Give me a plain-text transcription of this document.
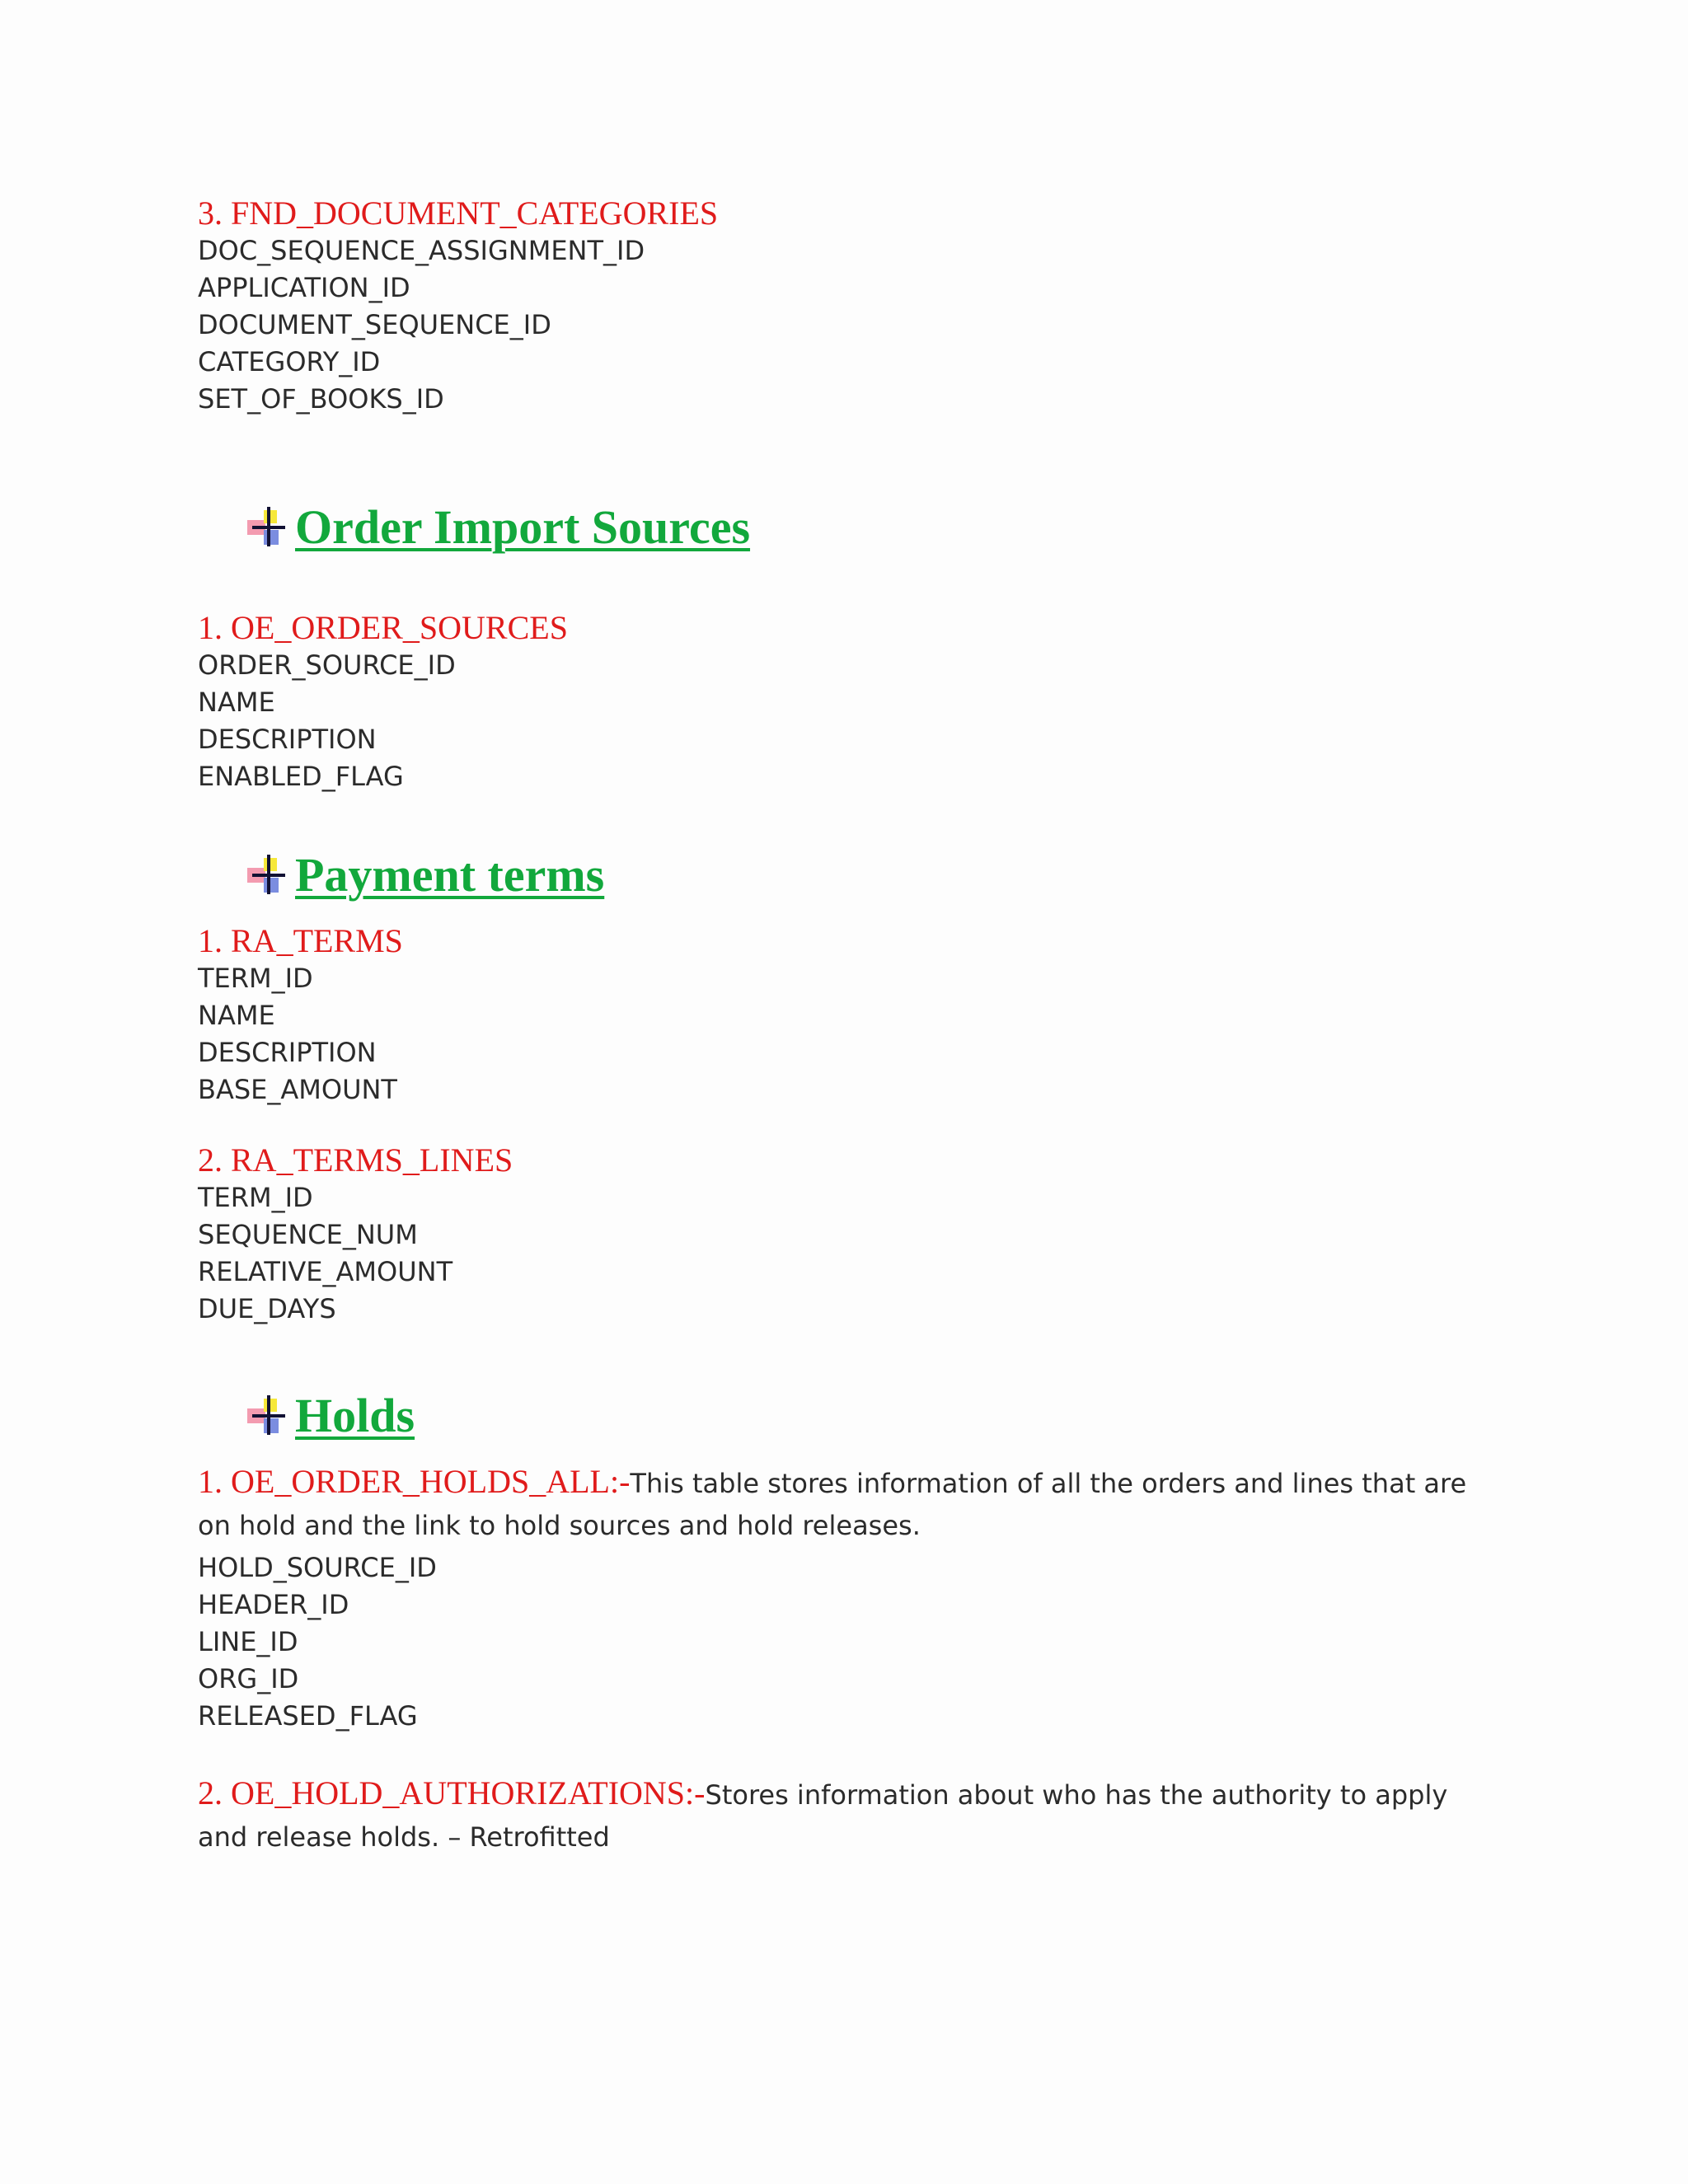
3. FND_DOCUMENT_CATEGORIES

DOC_SEQUENCE_ASSIGNMENT_ID

APPLICATION_ID

DOCUMENT_SEQUENCE_ID

CATEGORY_ID

SET_OF_BOOKS_ID

Order Import Sources

1. OE_ORDER_SOURCES

ORDER_SOURCE_ID

NAME

DESCRIPTION

ENABLED_FLAG

Payment terms

1. RA_TERMS

TERM_ID

NAME

DESCRIPTION

BASE_AMOUNT

2. RA_TERMS_LINES

TERM_ID

SEQUENCE_NUM

RELATIVE_AMOUNT

DUE_DAYS

Holds

1. OE_ORDER_HOLDS_ALL:-This table stores information of all the orders and lines that are on hold and the link to hold sources and hold releases.

HOLD_SOURCE_ID

HEADER_ID

LINE_ID

ORG_ID

RELEASED_FLAG

2. OE_HOLD_AUTHORIZATIONS:-Stores information about who has the authority to apply and release holds. – Retrofitted
